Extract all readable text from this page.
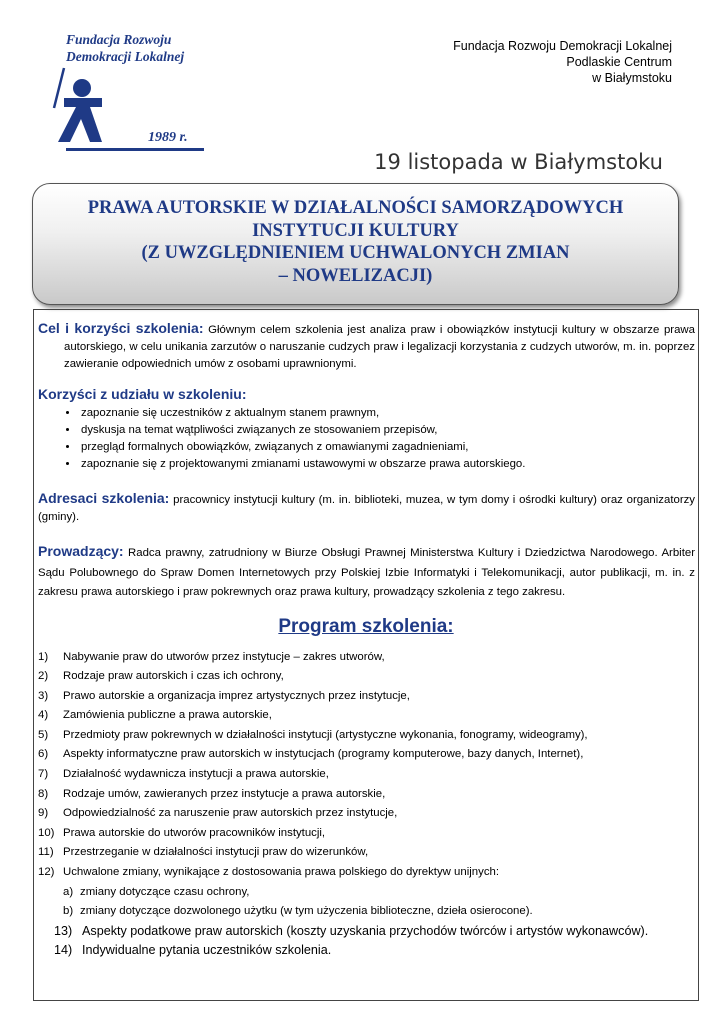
Fundacja Rozwoju
Demokracji Lokalnej
1989 r.
Fundacja Rozwoju Demokracji Lokalnej
Podlaskie Centrum
w Białymstoku
19 listopada w Białymstoku
PRAWA AUTORSKIE W DZIAŁALNOŚCI SAMORZĄDOWYCH
INSTYTUCJI KULTURY
(Z UWZGLĘDNIENIEM UCHWALONYCH ZMIAN
– NOWELIZACJI)
Cel i korzyści szkolenia: Głównym celem szkolenia jest analiza praw i obowiązków instytucji kultury w obszarze prawa autorskiego, w celu unikania zarzutów o naruszanie cudzych praw i legalizacji korzystania z cudzych utworów, m. in. poprzez zawieranie odpowiednich umów z osobami uprawnionymi.
Korzyści z udziału w szkoleniu:
• zapoznanie się uczestników z aktualnym stanem prawnym,
• dyskusja na temat wątpliwości związanych ze stosowaniem przepisów,
• przegląd formalnych obowiązków, związanych z omawianymi zagadnieniami,
• zapoznanie się z projektowanymi zmianami ustawowymi w obszarze prawa autorskiego.
Adresaci szkolenia: pracownicy instytucji kultury (m. in. biblioteki, muzea, w tym domy i ośrodki kultury) oraz organizatorzy (gminy).
Prowadzący: Radca prawny, zatrudniony w Biurze Obsługi Prawnej Ministerstwa Kultury i Dziedzictwa Narodowego. Arbiter Sądu Polubownego do Spraw Domen Internetowych przy Polskiej Izbie Informatyki i Telekomunikacji, autor publikacji, m. in. z zakresu prawa autorskiego i praw pokrewnych oraz prawa kultury, prowadzący szkolenia z tego zakresu.
Program szkolenia:
1) Nabywanie praw do utworów przez instytucje – zakres utworów,
2) Rodzaje praw autorskich i czas ich ochrony,
3) Prawo autorskie a organizacja imprez artystycznych przez instytucje,
4) Zamówienia publiczne a prawa autorskie,
5) Przedmioty praw pokrewnych w działalności instytucji (artystyczne wykonania, fonogramy, wideogramy),
6) Aspekty informatyczne praw autorskich w instytucjach (programy komputerowe, bazy danych, Internet),
7) Działalność wydawnicza instytucji a prawa autorskie,
8) Rodzaje umów, zawieranych przez instytucje a prawa autorskie,
9) Odpowiedzialność za naruszenie praw autorskich przez instytucje,
10) Prawa autorskie do utworów pracowników instytucji,
11) Przestrzeganie w działalności instytucji praw do wizerunków,
12) Uchwalone zmiany, wynikające z dostosowania prawa polskiego do dyrektyw unijnych:
a) zmiany dotyczące czasu ochrony,
b) zmiany dotyczące dozwolonego użytku (w tym użyczenia biblioteczne, dzieła osierocone).
13) Aspekty podatkowe praw autorskich (koszty uzyskania przychodów twórców i artystów wykonawców).
14) Indywidualne pytania uczestników szkolenia.
